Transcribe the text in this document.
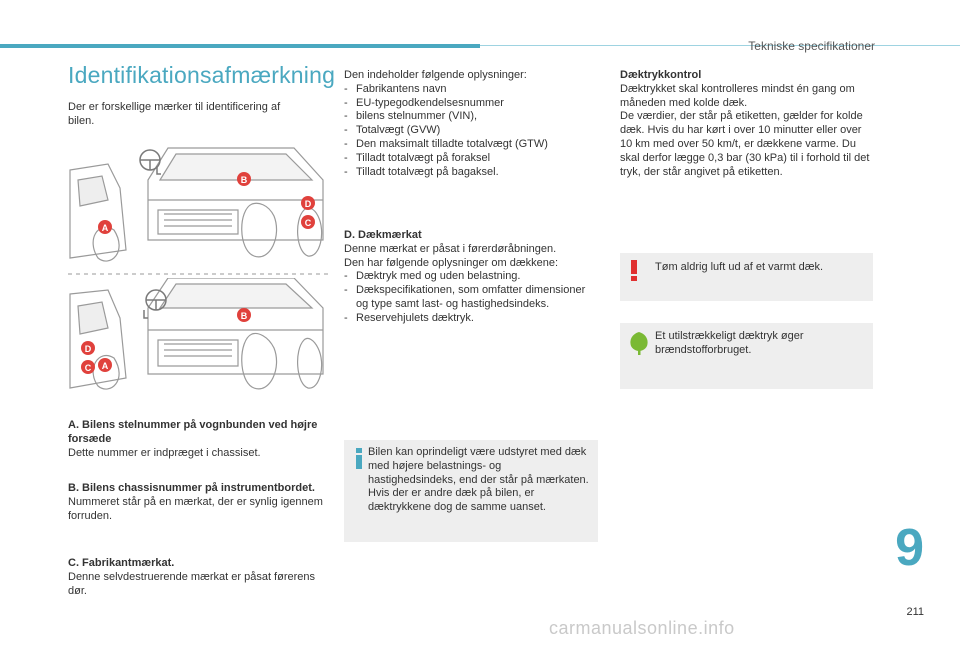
Tekniske specifikationer
Identifikationsafmærkning
Der er forskellige mærker til identificering af bilen.
B
D
C
A
B
D
C A
A. Bilens stelnummer på vognbunden ved højre forsæde
Dette nummer er indpræget i chassiset.
B. Bilens chassisnummer på instrumentbordet.
Nummeret står på en mærkat, der er synlig igennem forruden.
C. Fabrikantmærkat.
Denne selvdestruerende mærkat er påsat førerens dør.
Den indeholder følgende oplysninger:
- Fabrikantens navn
- EU-typegodkendelsesnummer
- bilens stelnummer (VIN),
- Totalvægt (GVW)
- Den maksimalt tilladte totalvægt (GTW)
- Tilladt totalvægt på foraksel
- Tilladt totalvægt på bagaksel.
D. Dækmærkat
Denne mærkat er påsat i førerdøråbningen.
Den har følgende oplysninger om dækkene:
- Dæktryk med og uden belastning.
- Dækspecifikationen, som omfatter dimensioner og type samt last- og hastighedsindeks.
- Reservehjulets dæktryk.
Bilen kan oprindeligt være udstyret med dæk med højere belastnings- og hastighedsindeks, end der står på mærkaten. Hvis der er andre dæk på bilen, er dæktrykkene dog de samme uanset.
Dæktrykkontrol
Dæktrykket skal kontrolleres mindst én gang om måneden med kolde dæk.
De værdier, der står på etiketten, gælder for kolde dæk. Hvis du har kørt i over 10 minutter eller over 10 km med over 50 km/t, er dækkene varme. Du skal derfor lægge 0,3 bar (30 kPa) til i forhold til det tryk, der står angivet på etiketten.
Tøm aldrig luft ud af et varmt dæk.
Et utilstrækkeligt dæktryk øger brændstofforbruget.
9
211
carmanualsonline.info
